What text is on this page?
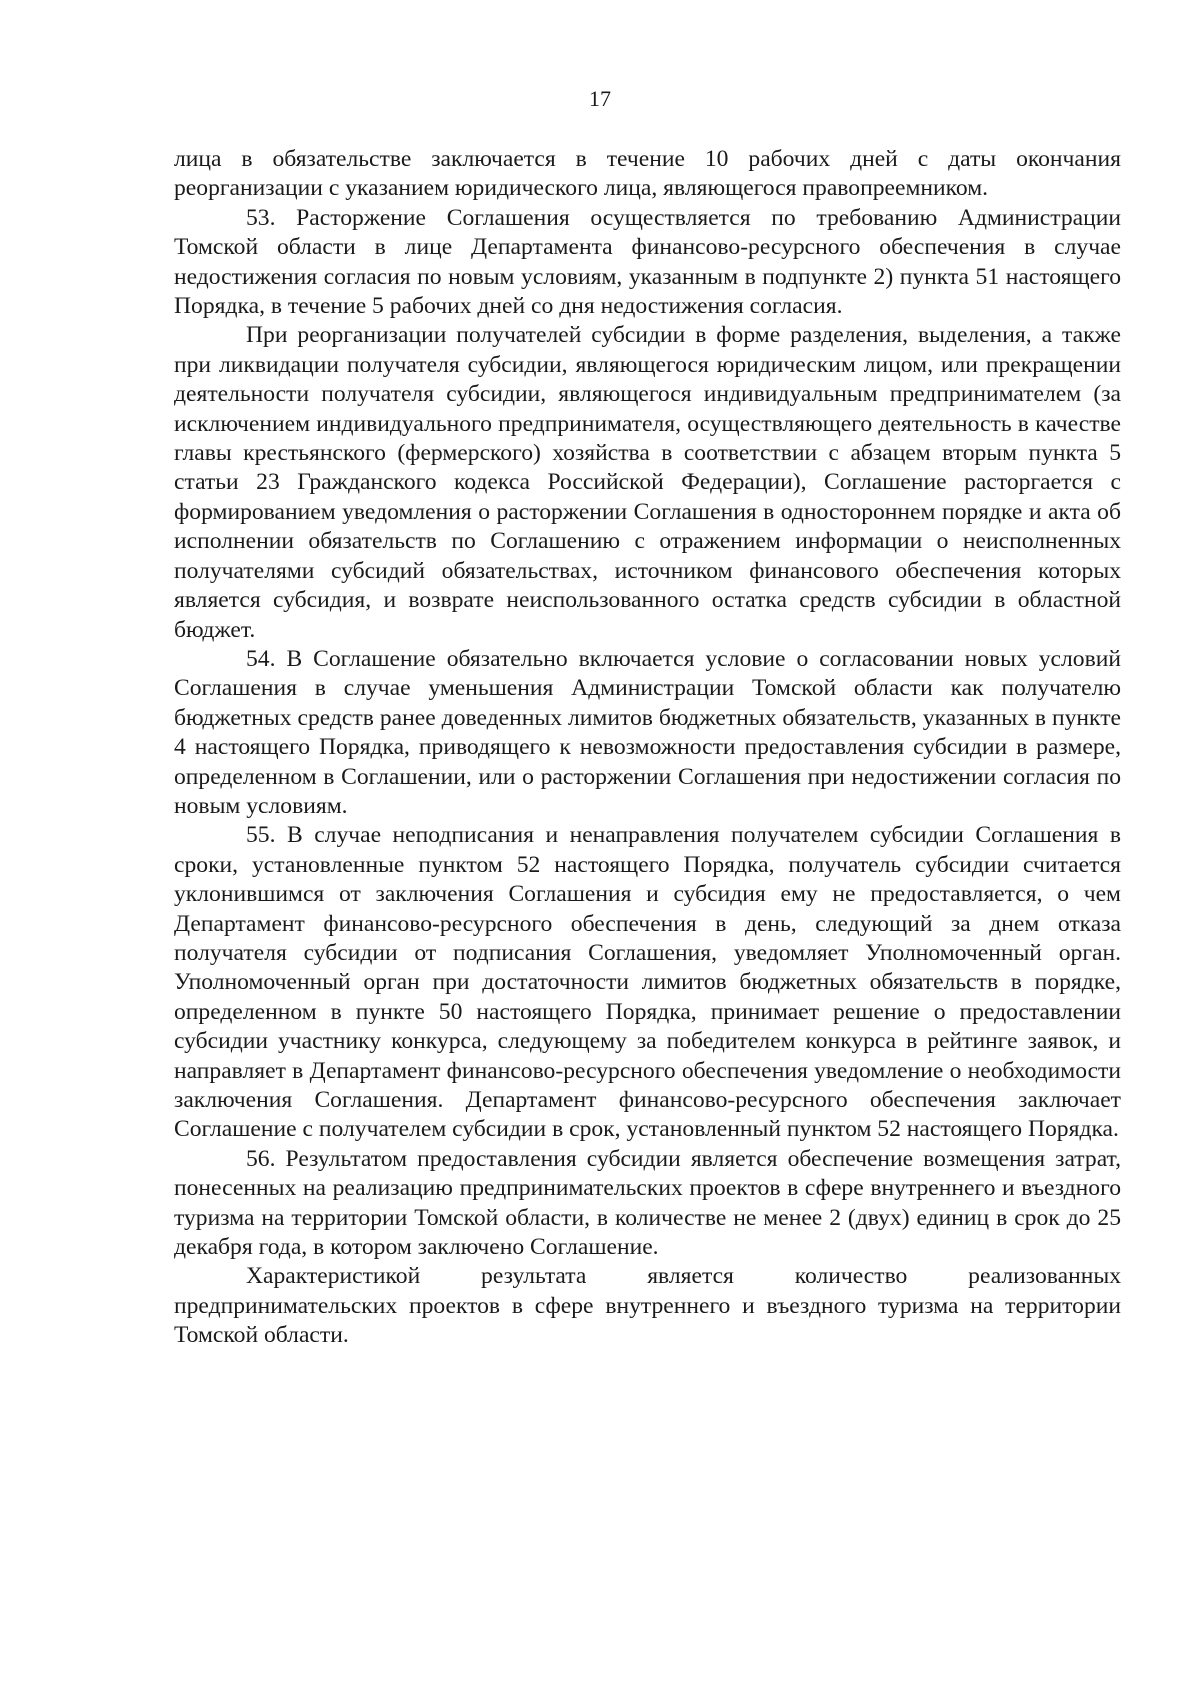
17

лица в обязательстве заключается в течение 10 рабочих дней с даты окончания реорганизации с указанием юридического лица, являющегося правопреемником.

53. Расторжение Соглашения осуществляется по требованию Администрации Томской области в лице Департамента финансово-ресурсного обеспечения в случае недостижения согласия по новым условиям, указанным в подпункте 2) пункта 51 настоящего Порядка, в течение 5 рабочих дней со дня недостижения согласия.

При реорганизации получателей субсидии в форме разделения, выделения, а также при ликвидации получателя субсидии, являющегося юридическим лицом, или прекращении деятельности получателя субсидии, являющегося индивидуальным предпринимателем (за исключением индивидуального предпринимателя, осуществляющего деятельность в качестве главы крестьянского (фермерского) хозяйства в соответствии с абзацем вторым пункта 5 статьи 23 Гражданского кодекса Российской Федерации), Соглашение расторгается с формированием уведомления о расторжении Соглашения в одностороннем порядке и акта об исполнении обязательств по Соглашению с отражением информации о неисполненных получателями субсидий обязательствах, источником финансового обеспечения которых является субсидия, и возврате неиспользованного остатка средств субсидии в областной бюджет.

54. В Соглашение обязательно включается условие о согласовании новых условий Соглашения в случае уменьшения Администрации Томской области как получателю бюджетных средств ранее доведенных лимитов бюджетных обязательств, указанных в пункте 4 настоящего Порядка, приводящего к невозможности предоставления субсидии в размере, определенном в Соглашении, или о расторжении Соглашения при недостижении согласия по новым условиям.

55. В случае неподписания и ненаправления получателем субсидии Соглашения в сроки, установленные пунктом 52 настоящего Порядка, получатель субсидии считается уклонившимся от заключения Соглашения и субсидия ему не предоставляется, о чем Департамент финансово-ресурсного обеспечения в день, следующий за днем отказа получателя субсидии от подписания Соглашения, уведомляет Уполномоченный орган. Уполномоченный орган при достаточности лимитов бюджетных обязательств в порядке, определенном в пункте 50 настоящего Порядка, принимает решение о предоставлении субсидии участнику конкурса, следующему за победителем конкурса в рейтинге заявок, и направляет в Департамент финансово-ресурсного обеспечения уведомление о необходимости заключения Соглашения. Департамент финансово-ресурсного обеспечения заключает Соглашение с получателем субсидии в срок, установленный пунктом 52 настоящего Порядка.

56. Результатом предоставления субсидии является обеспечение возмещения затрат, понесенных на реализацию предпринимательских проектов в сфере внутреннего и въездного туризма на территории Томской области, в количестве не менее 2 (двух) единиц в срок до 25 декабря года, в котором заключено Соглашение.

Характеристикой результата является количество реализованных предпринимательских проектов в сфере внутреннего и въездного туризма на территории Томской области.
